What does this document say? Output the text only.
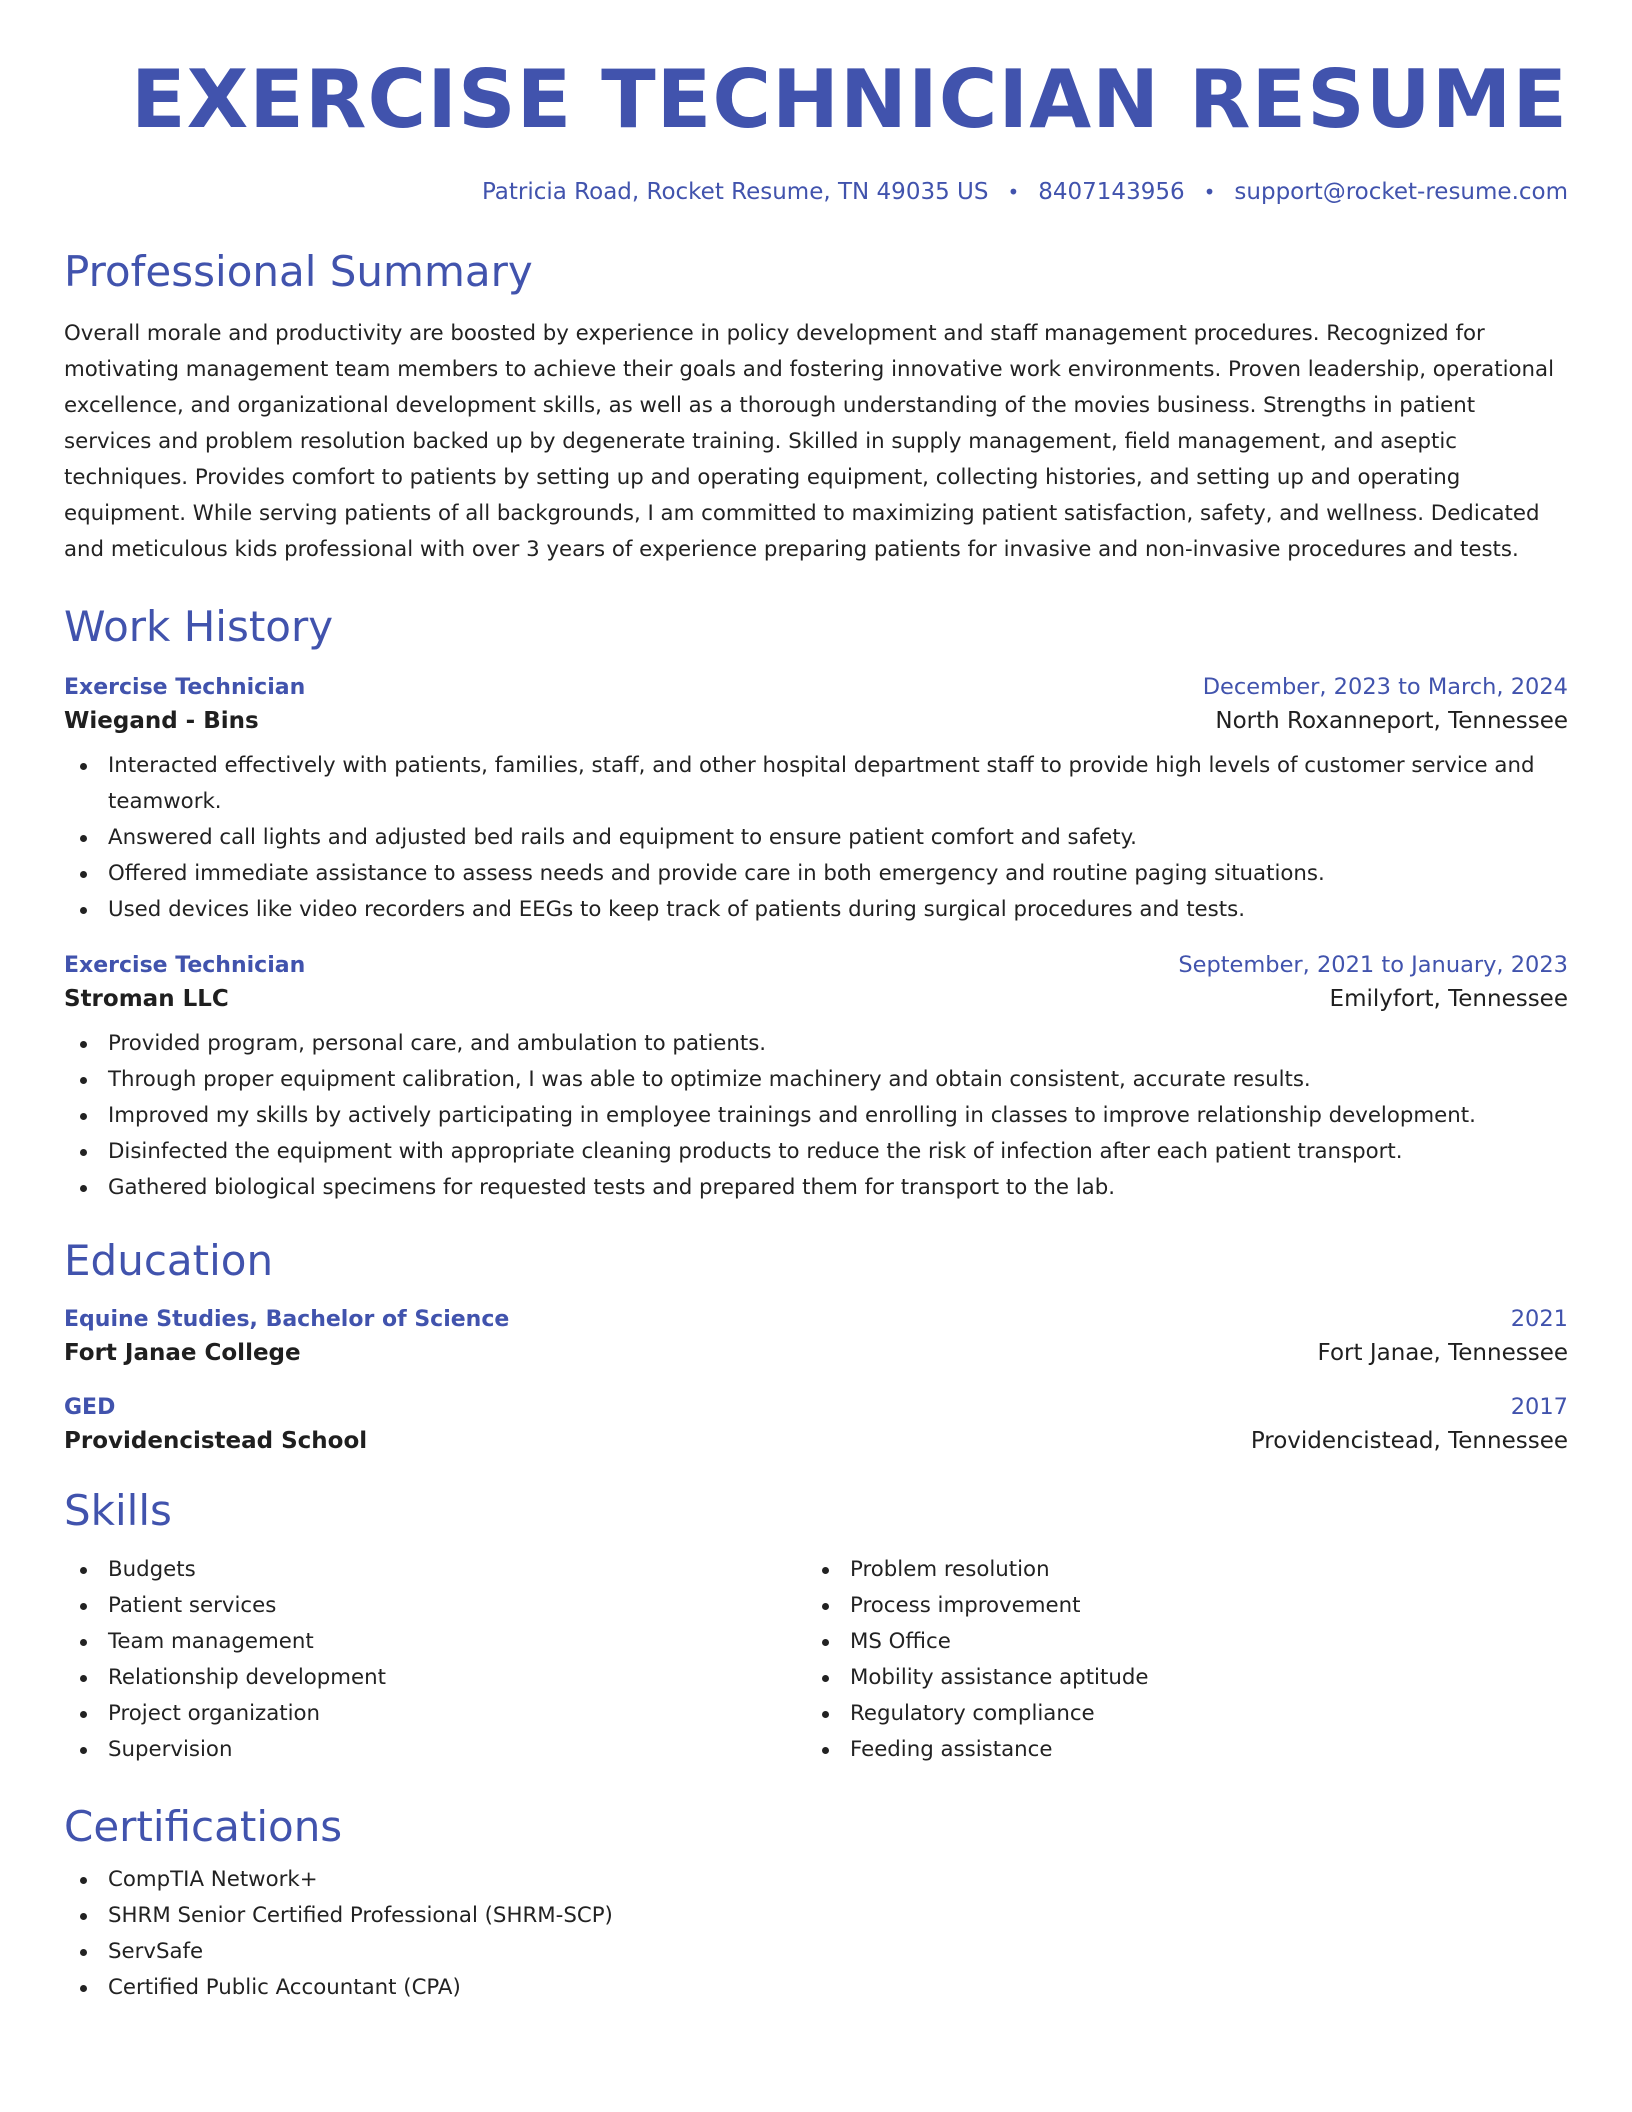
EXERCISE TECHNICIAN RESUME
Patricia Road, Rocket Resume, TN 49035 US • 8407143956 • support@rocket-resume.com
Professional Summary

Overall morale and productivity are boosted by experience in policy development and staff management procedures. Recognized for motivating management team members to achieve their goals and fostering innovative work environments. Proven leadership, operational excellence, and organizational development skills, as well as a thorough understanding of the movies business. Strengths in patient services and problem resolution backed up by degenerate training. Skilled in supply management, field management, and aseptic techniques. Provides comfort to patients by setting up and operating equipment, collecting histories, and setting up and operating equipment. While serving patients of all backgrounds, I am committed to maximizing patient satisfaction, safety, and wellness. Dedicated and meticulous kids professional with over 3 years of experience preparing patients for invasive and non-invasive procedures and tests.

Work History
Exercise Technician	December, 2023 to March, 2024
Wiegand - Bins	North Roxanneport, Tennessee
Interacted effectively with patients, families, staff, and other hospital department staff to provide high levels of customer service and teamwork.
Answered call lights and adjusted bed rails and equipment to ensure patient comfort and safety.
Offered immediate assistance to assess needs and provide care in both emergency and routine paging situations.
Used devices like video recorders and EEGs to keep track of patients during surgical procedures and tests.
Exercise Technician	September, 2021 to January, 2023
Stroman LLC	Emilyfort, Tennessee
Provided program, personal care, and ambulation to patients.
Through proper equipment calibration, I was able to optimize machinery and obtain consistent, accurate results.
Improved my skills by actively participating in employee trainings and enrolling in classes to improve relationship development.
Disinfected the equipment with appropriate cleaning products to reduce the risk of infection after each patient transport.
Gathered biological specimens for requested tests and prepared them for transport to the lab.
Education
Equine Studies, Bachelor of Science	2021
Fort Janae College	Fort Janae, Tennessee
GED	2017
Providencistead School	Providencistead, Tennessee
Skills
Budgets
Patient services
Team management
Relationship development
Project organization
Supervision
Problem resolution
Process improvement
MS Office
Mobility assistance aptitude
Regulatory compliance
Feeding assistance
Certifications
CompTIA Network+
SHRM Senior Certified Professional (SHRM-SCP)
ServSafe
Certified Public Accountant (CPA)
